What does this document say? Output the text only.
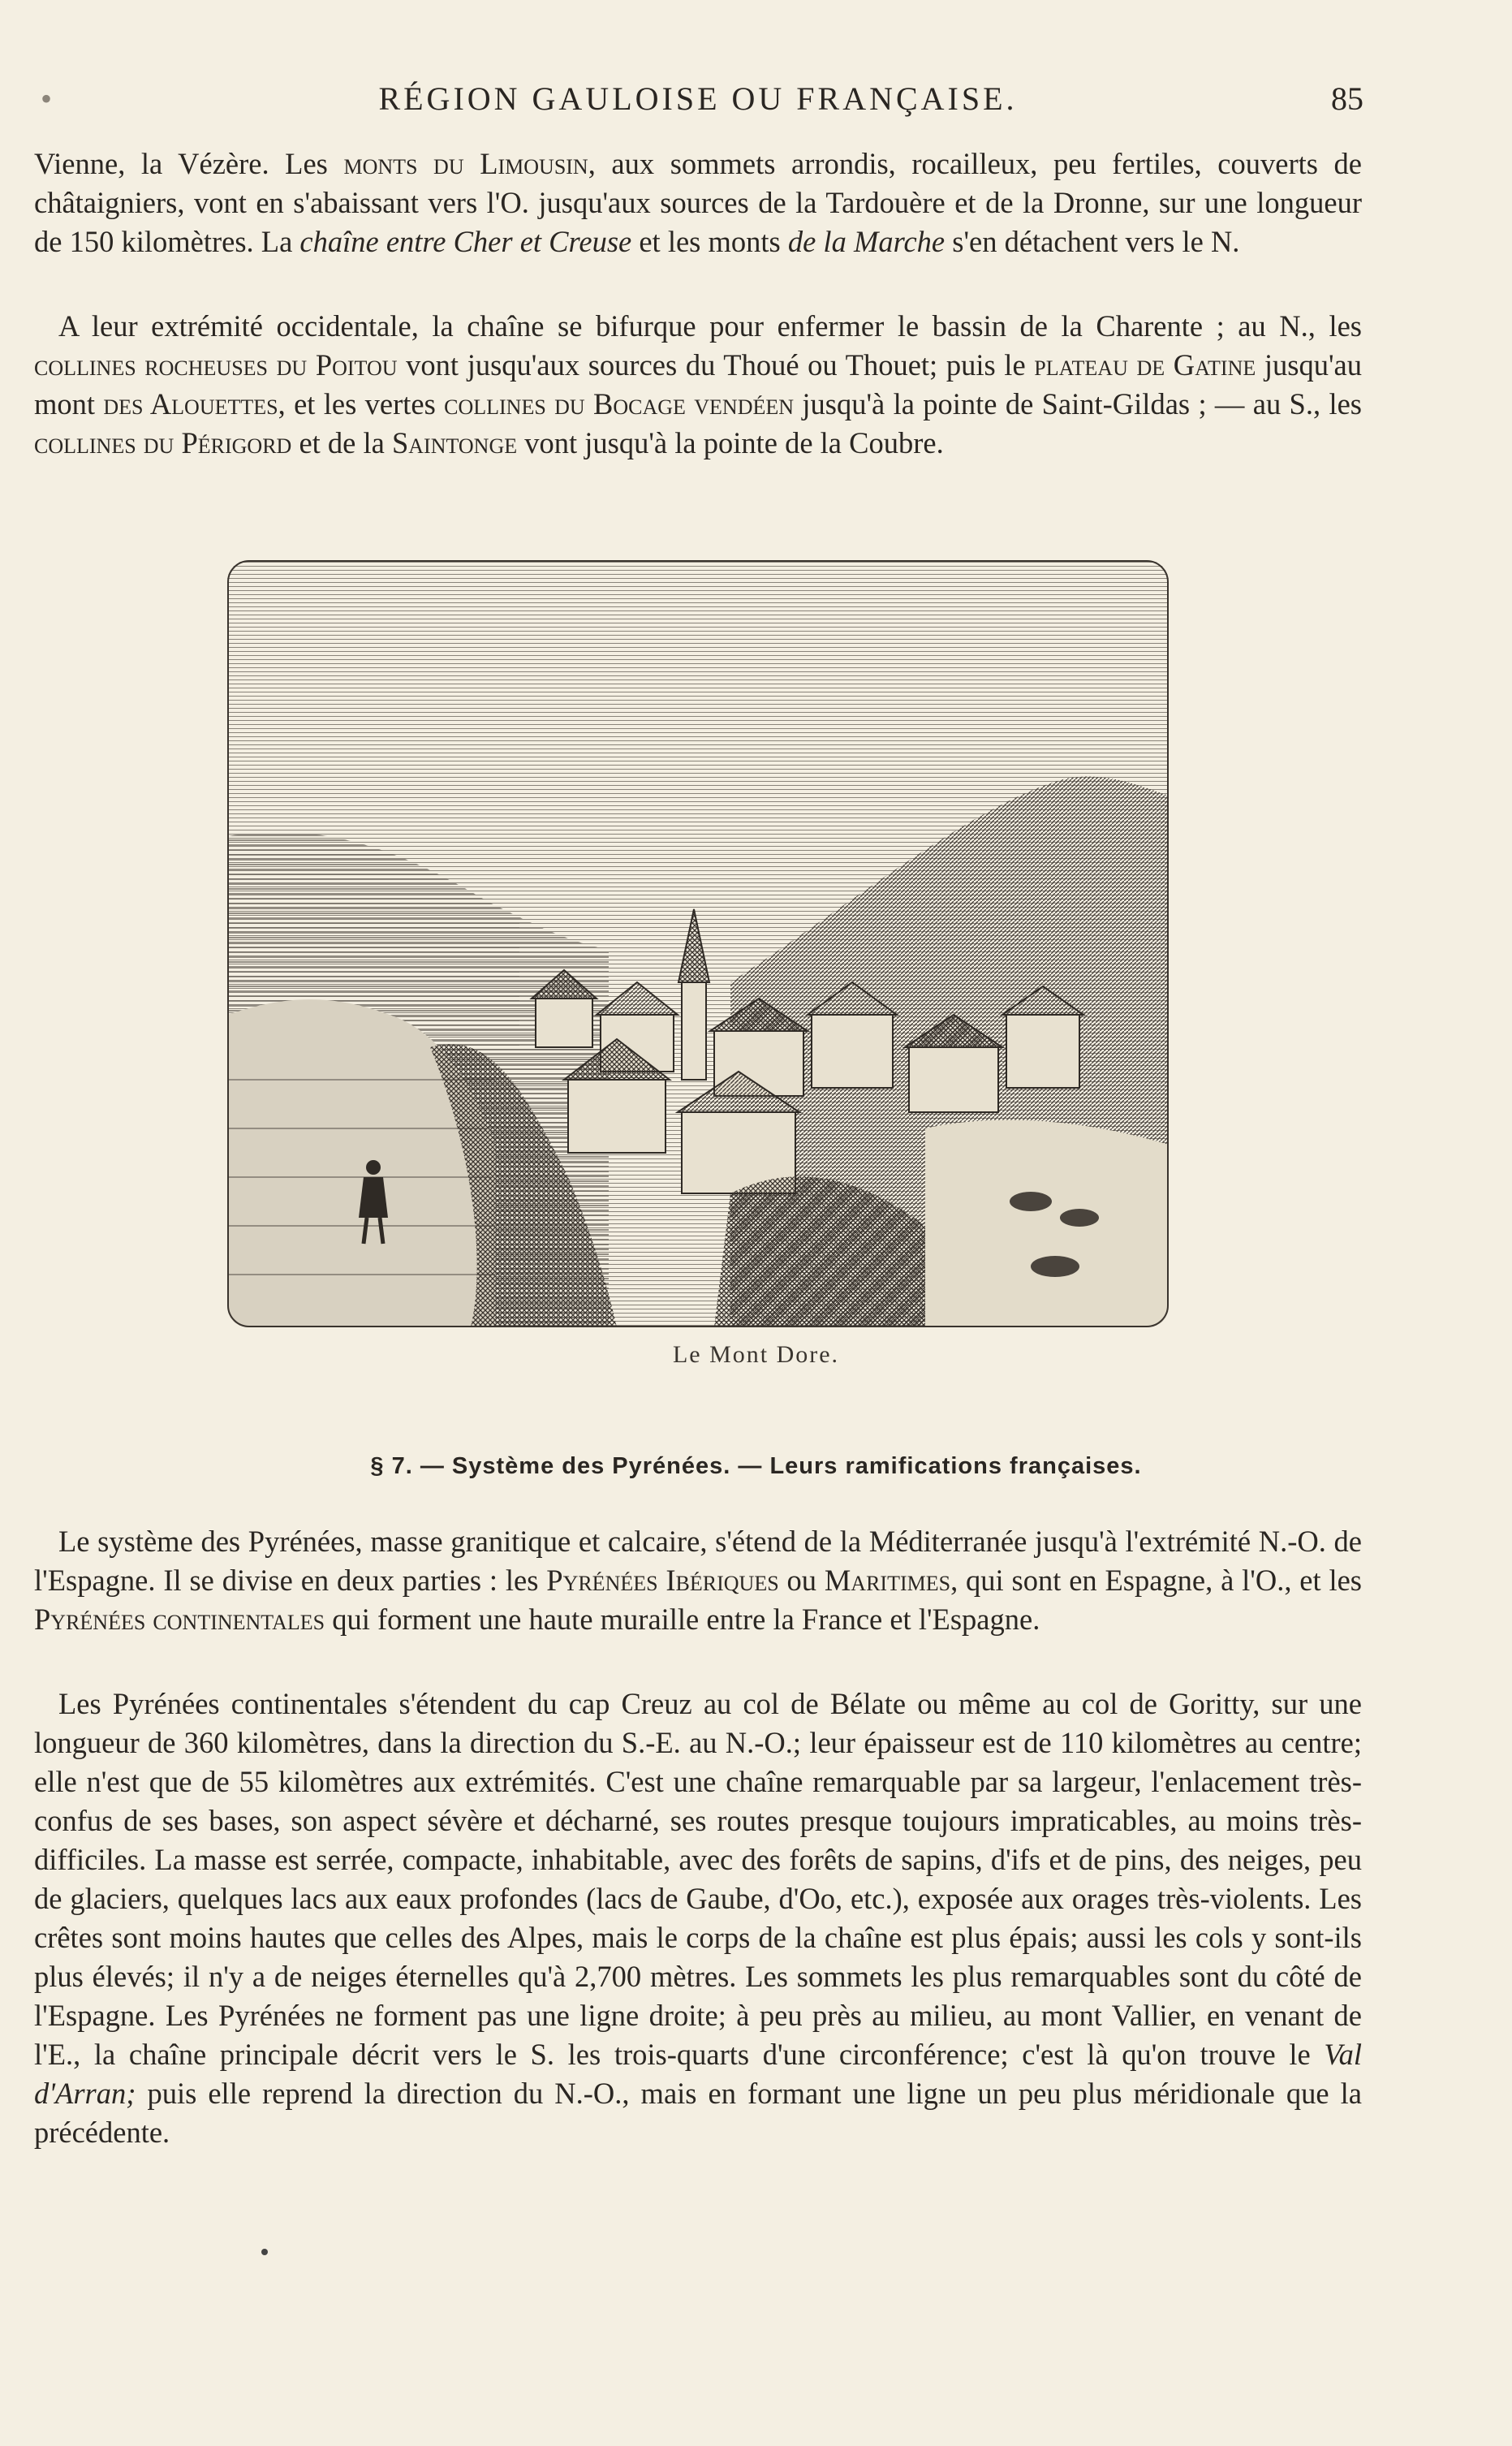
•	RÉGION GAULOISE OU FRANÇAISE.	85

Vienne, la Vézère. Les monts du Limousin, aux sommets arrondis, rocailleux, peu fertiles, couverts de châtaigniers, vont en s'abaissant vers l'O. jusqu'aux sources de la Tardouère et de la Dronne, sur une longueur de 150 kilomètres. La chaîne entre Cher et Creuse et les monts de la Marche s'en détachent vers le N.

A leur extrémité occidentale, la chaîne se bifurque pour enfermer le bassin de la Charente ; au N., les collines rocheuses du Poitou vont jusqu'aux sources du Thoué ou Thouet; puis le plateau de Gatine jusqu'au mont des Alouettes, et les vertes collines du Bocage vendéen jusqu'à la pointe de Saint-Gildas ; — au S., les collines du Périgord et de la Saintonge vont jusqu'à la pointe de la Coubre.

Le Mont Dore.
§ 7. — Système des Pyrénées. — Leurs ramifications françaises.

Le système des Pyrénées, masse granitique et calcaire, s'étend de la Méditerranée jusqu'à l'extrémité N.-O. de l'Espagne. Il se divise en deux parties : les Pyrénées Ibériques ou Maritimes, qui sont en Espagne, à l'O., et les Pyrénées continentales qui forment une haute muraille entre la France et l'Espagne.

Les Pyrénées continentales s'étendent du cap Creuz au col de Bélate ou même au col de Goritty, sur une longueur de 360 kilomètres, dans la direction du S.-E. au N.-O.; leur épaisseur est de 110 kilomètres au centre; elle n'est que de 55 kilomètres aux extrémités. C'est une chaîne remarquable par sa largeur, l'enlacement très-confus de ses bases, son aspect sévère et décharné, ses routes presque toujours impraticables, au moins très-difficiles. La masse est serrée, compacte, inhabitable, avec des forêts de sapins, d'ifs et de pins, des neiges, peu de glaciers, quelques lacs aux eaux profondes (lacs de Gaube, d'Oo, etc.), exposée aux orages très-violents. Les crêtes sont moins hautes que celles des Alpes, mais le corps de la chaîne est plus épais; aussi les cols y sont-ils plus élevés; il n'y a de neiges éternelles qu'à 2,700 mètres. Les sommets les plus remarquables sont du côté de l'Espagne. Les Pyrénées ne forment pas une ligne droite; à peu près au milieu, au mont Vallier, en venant de l'E., la chaîne principale décrit vers le S. les trois-quarts d'une circonférence; c'est là qu'on trouve le Val d'Arran; puis elle reprend la direction du N.-O., mais en formant une ligne un peu plus méridionale que la précédente.
